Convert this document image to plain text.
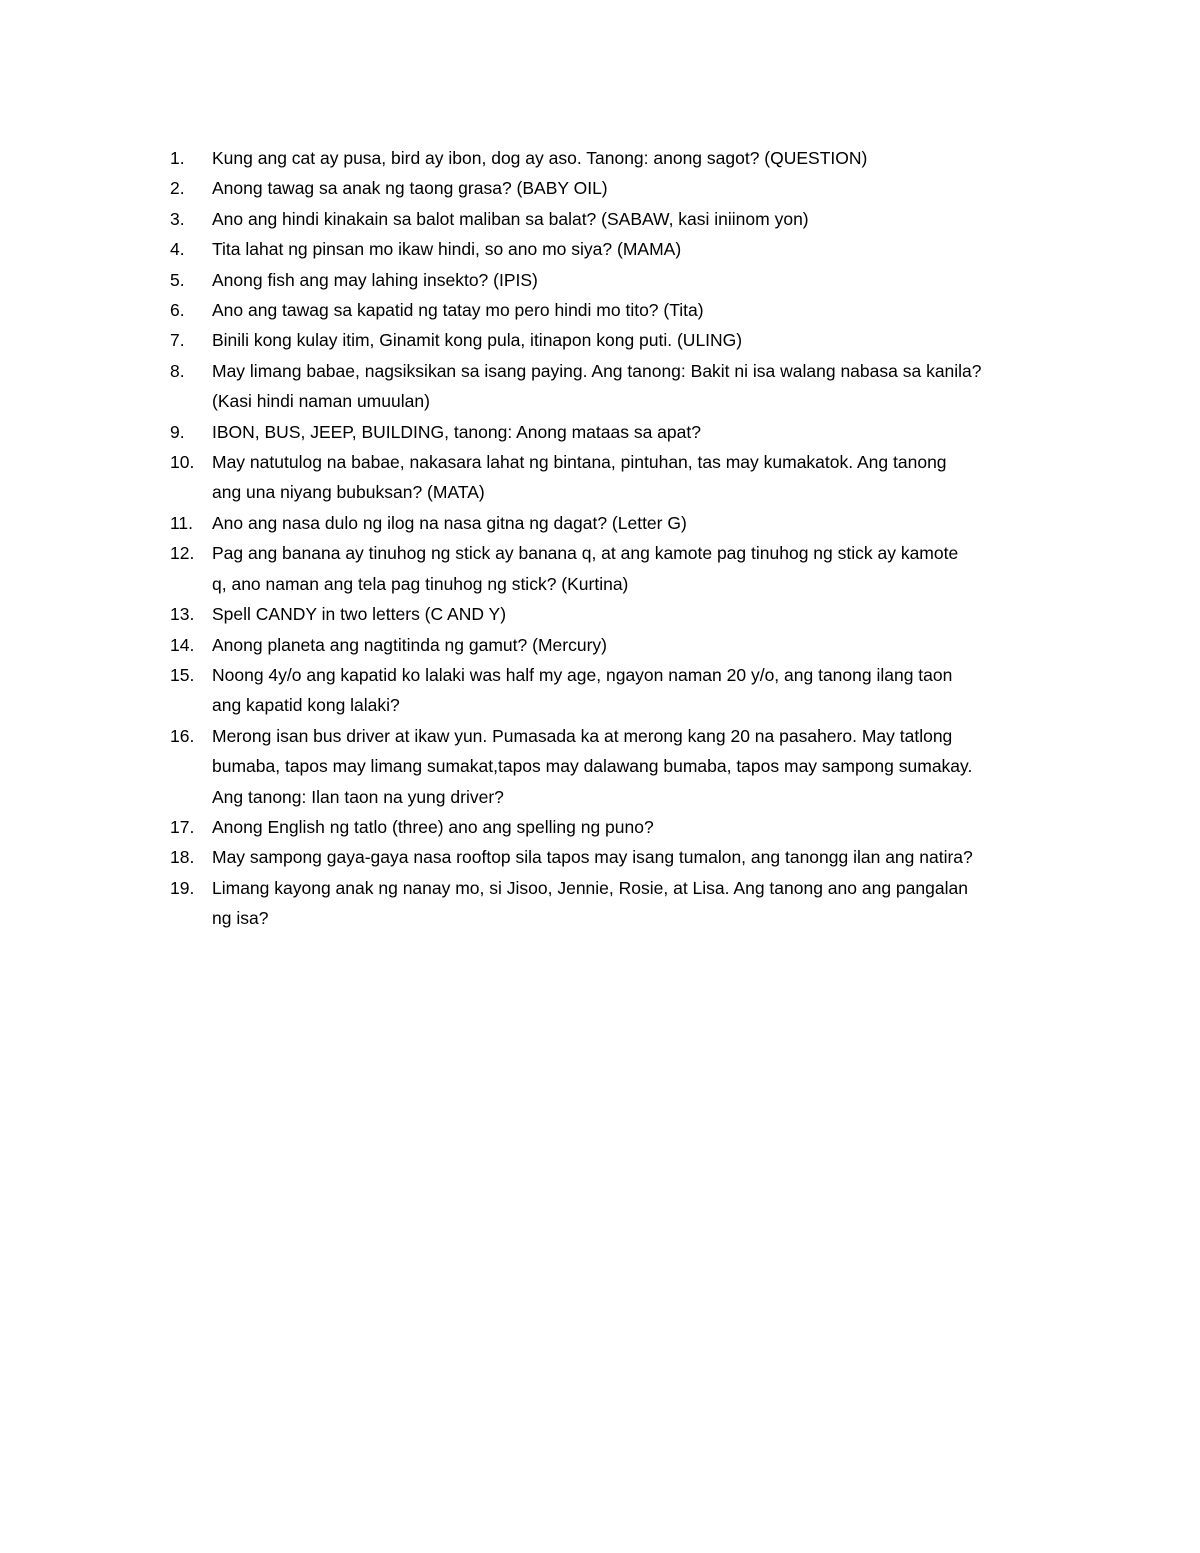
1.	Kung ang cat ay pusa, bird ay ibon, dog ay aso. Tanong: anong sagot? (QUESTION)
2.	Anong tawag sa anak ng taong grasa? (BABY OIL)
3.	Ano ang hindi kinakain sa balot maliban sa balat? (SABAW, kasi iniinom yon)
4.	Tita lahat ng pinsan mo ikaw hindi, so ano mo siya? (MAMA)
5.	Anong fish ang may lahing insekto? (IPIS)
6.	Ano ang tawag sa kapatid ng tatay mo pero hindi mo tito? (Tita)
7.	Binili kong kulay itim, Ginamit kong pula, itinapon kong puti. (ULING)
8.	May limang babae, nagsiksikan sa isang paying. Ang tanong: Bakit ni isa walang nabasa sa kanila?
(Kasi hindi naman umuulan)
9.	IBON, BUS, JEEP, BUILDING, tanong: Anong mataas sa apat?
10.	May natutulog na babae, nakasara lahat ng bintana, pintuhan, tas may kumakatok. Ang tanong
ang una niyang bubuksan? (MATA)
11.	Ano ang nasa dulo ng ilog na nasa gitna ng dagat? (Letter G)
12.	Pag ang banana ay tinuhog ng stick ay banana q, at ang kamote pag tinuhog ng stick ay kamote
q, ano naman ang tela pag tinuhog ng stick? (Kurtina)
13.	Spell CANDY in two letters (C AND Y)
14.	Anong planeta ang nagtitinda ng gamut? (Mercury)
15.	Noong 4y/o ang kapatid ko lalaki was half my age, ngayon naman 20 y/o, ang tanong ilang taon
ang kapatid kong lalaki?
16.	Merong isan bus driver at ikaw yun. Pumasada ka at merong kang 20 na pasahero. May tatlong
bumaba, tapos may limang sumakat,tapos may dalawang bumaba, tapos may sampong sumakay.
Ang tanong: Ilan taon na yung driver?
17.	Anong English ng tatlo (three) ano ang spelling ng puno?
18.	May sampong gaya-gaya nasa rooftop sila tapos may isang tumalon, ang tanongg ilan ang natira?
19.	Limang kayong anak ng nanay mo, si Jisoo, Jennie, Rosie, at Lisa. Ang tanong ano ang pangalan
ng isa?
